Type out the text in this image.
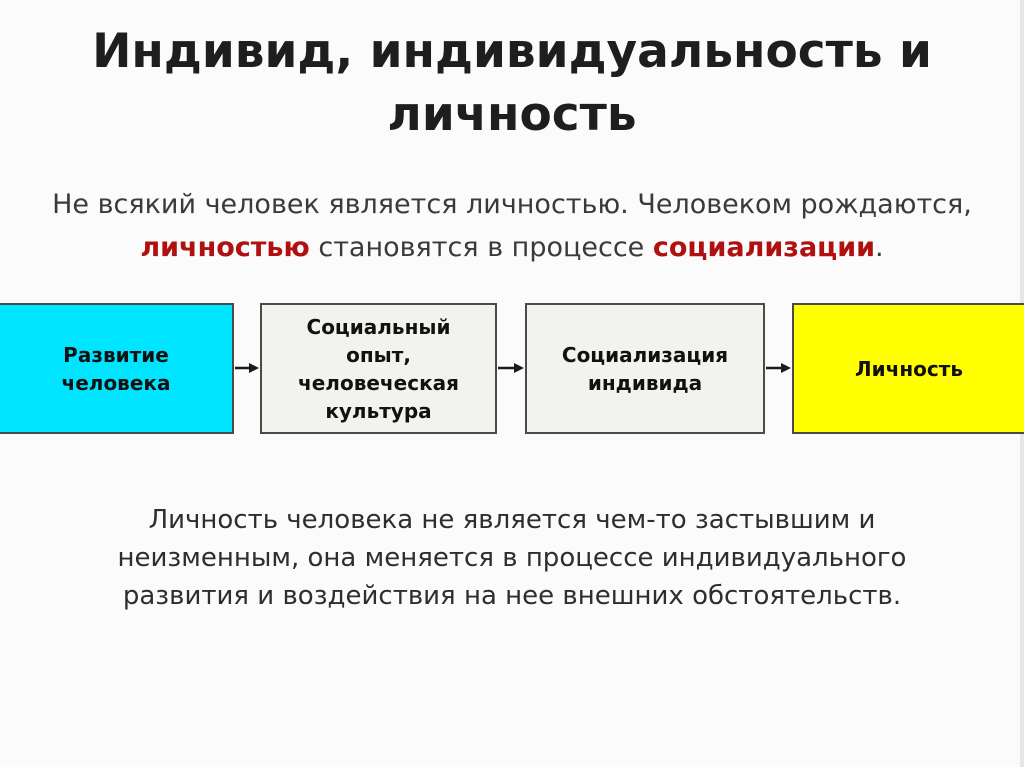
Индивид, индивидуальность и
личность

Не всякий человек является личностью. Человеком рождаются,
личностью становятся в процессе социализации.

Развитие
человека
Социальный
опыт,
человеческая
культура
Социализация
индивида
Личность

Личность человека не является чем-то застывшим и
неизменным, она меняется в процессе индивидуального
развития и воздействия на нее внешних обстоятельств.
